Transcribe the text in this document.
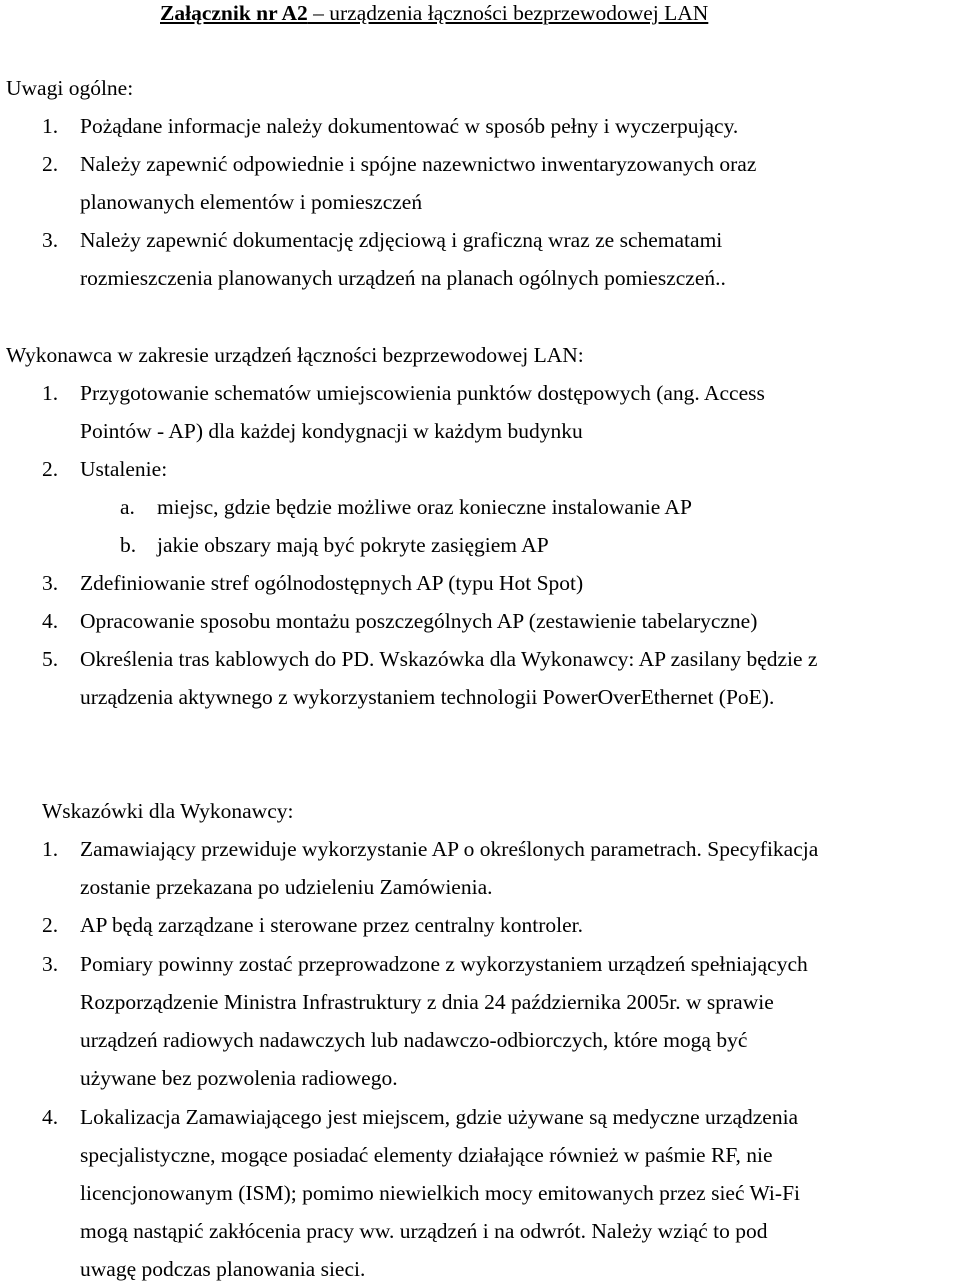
Załącznik nr A2 – urządzenia łączności bezprzewodowej LAN
Uwagi ogólne:
1. Pożądane informacje należy dokumentować w sposób pełny i wyczerpujący.
2. Należy zapewnić odpowiednie i spójne nazewnictwo inwentaryzowanych oraz
planowanych elementów i pomieszczeń
3. Należy zapewnić dokumentację zdjęciową i graficzną wraz ze schematami
rozmieszczenia planowanych urządzeń na planach ogólnych pomieszczeń..
Wykonawca w zakresie urządzeń łączności bezprzewodowej LAN:
1. Przygotowanie schematów umiejscowienia punktów dostępowych (ang. Access
Pointów - AP) dla każdej kondygnacji w każdym budynku
2. Ustalenie:
a. miejsc, gdzie będzie możliwe oraz konieczne instalowanie AP
b. jakie obszary mają być pokryte zasięgiem AP
3. Zdefiniowanie stref ogólnodostępnych AP (typu Hot Spot)
4. Opracowanie sposobu montażu poszczególnych AP (zestawienie tabelaryczne)
5. Określenia tras kablowych do PD. Wskazówka dla Wykonawcy: AP zasilany będzie z
urządzenia aktywnego z wykorzystaniem technologii PowerOverEthernet (PoE).
Wskazówki dla Wykonawcy:
1. Zamawiający przewiduje wykorzystanie AP o określonych parametrach. Specyfikacja
zostanie przekazana po udzieleniu Zamówienia.
2. AP będą zarządzane i sterowane przez centralny kontroler.
3. Pomiary powinny zostać przeprowadzone z wykorzystaniem urządzeń spełniających
Rozporządzenie Ministra Infrastruktury z dnia 24 października 2005r. w sprawie
urządzeń radiowych nadawczych lub nadawczo-odbiorczych, które mogą być
używane bez pozwolenia radiowego.
4. Lokalizacja Zamawiającego jest miejscem, gdzie używane są medyczne urządzenia
specjalistyczne, mogące posiadać elementy działające również w paśmie RF, nie
licencjonowanym (ISM); pomimo niewielkich mocy emitowanych przez sieć Wi-Fi
mogą nastąpić zakłócenia pracy ww. urządzeń i na odwrót. Należy wziąć to pod
uwagę podczas planowania sieci.
